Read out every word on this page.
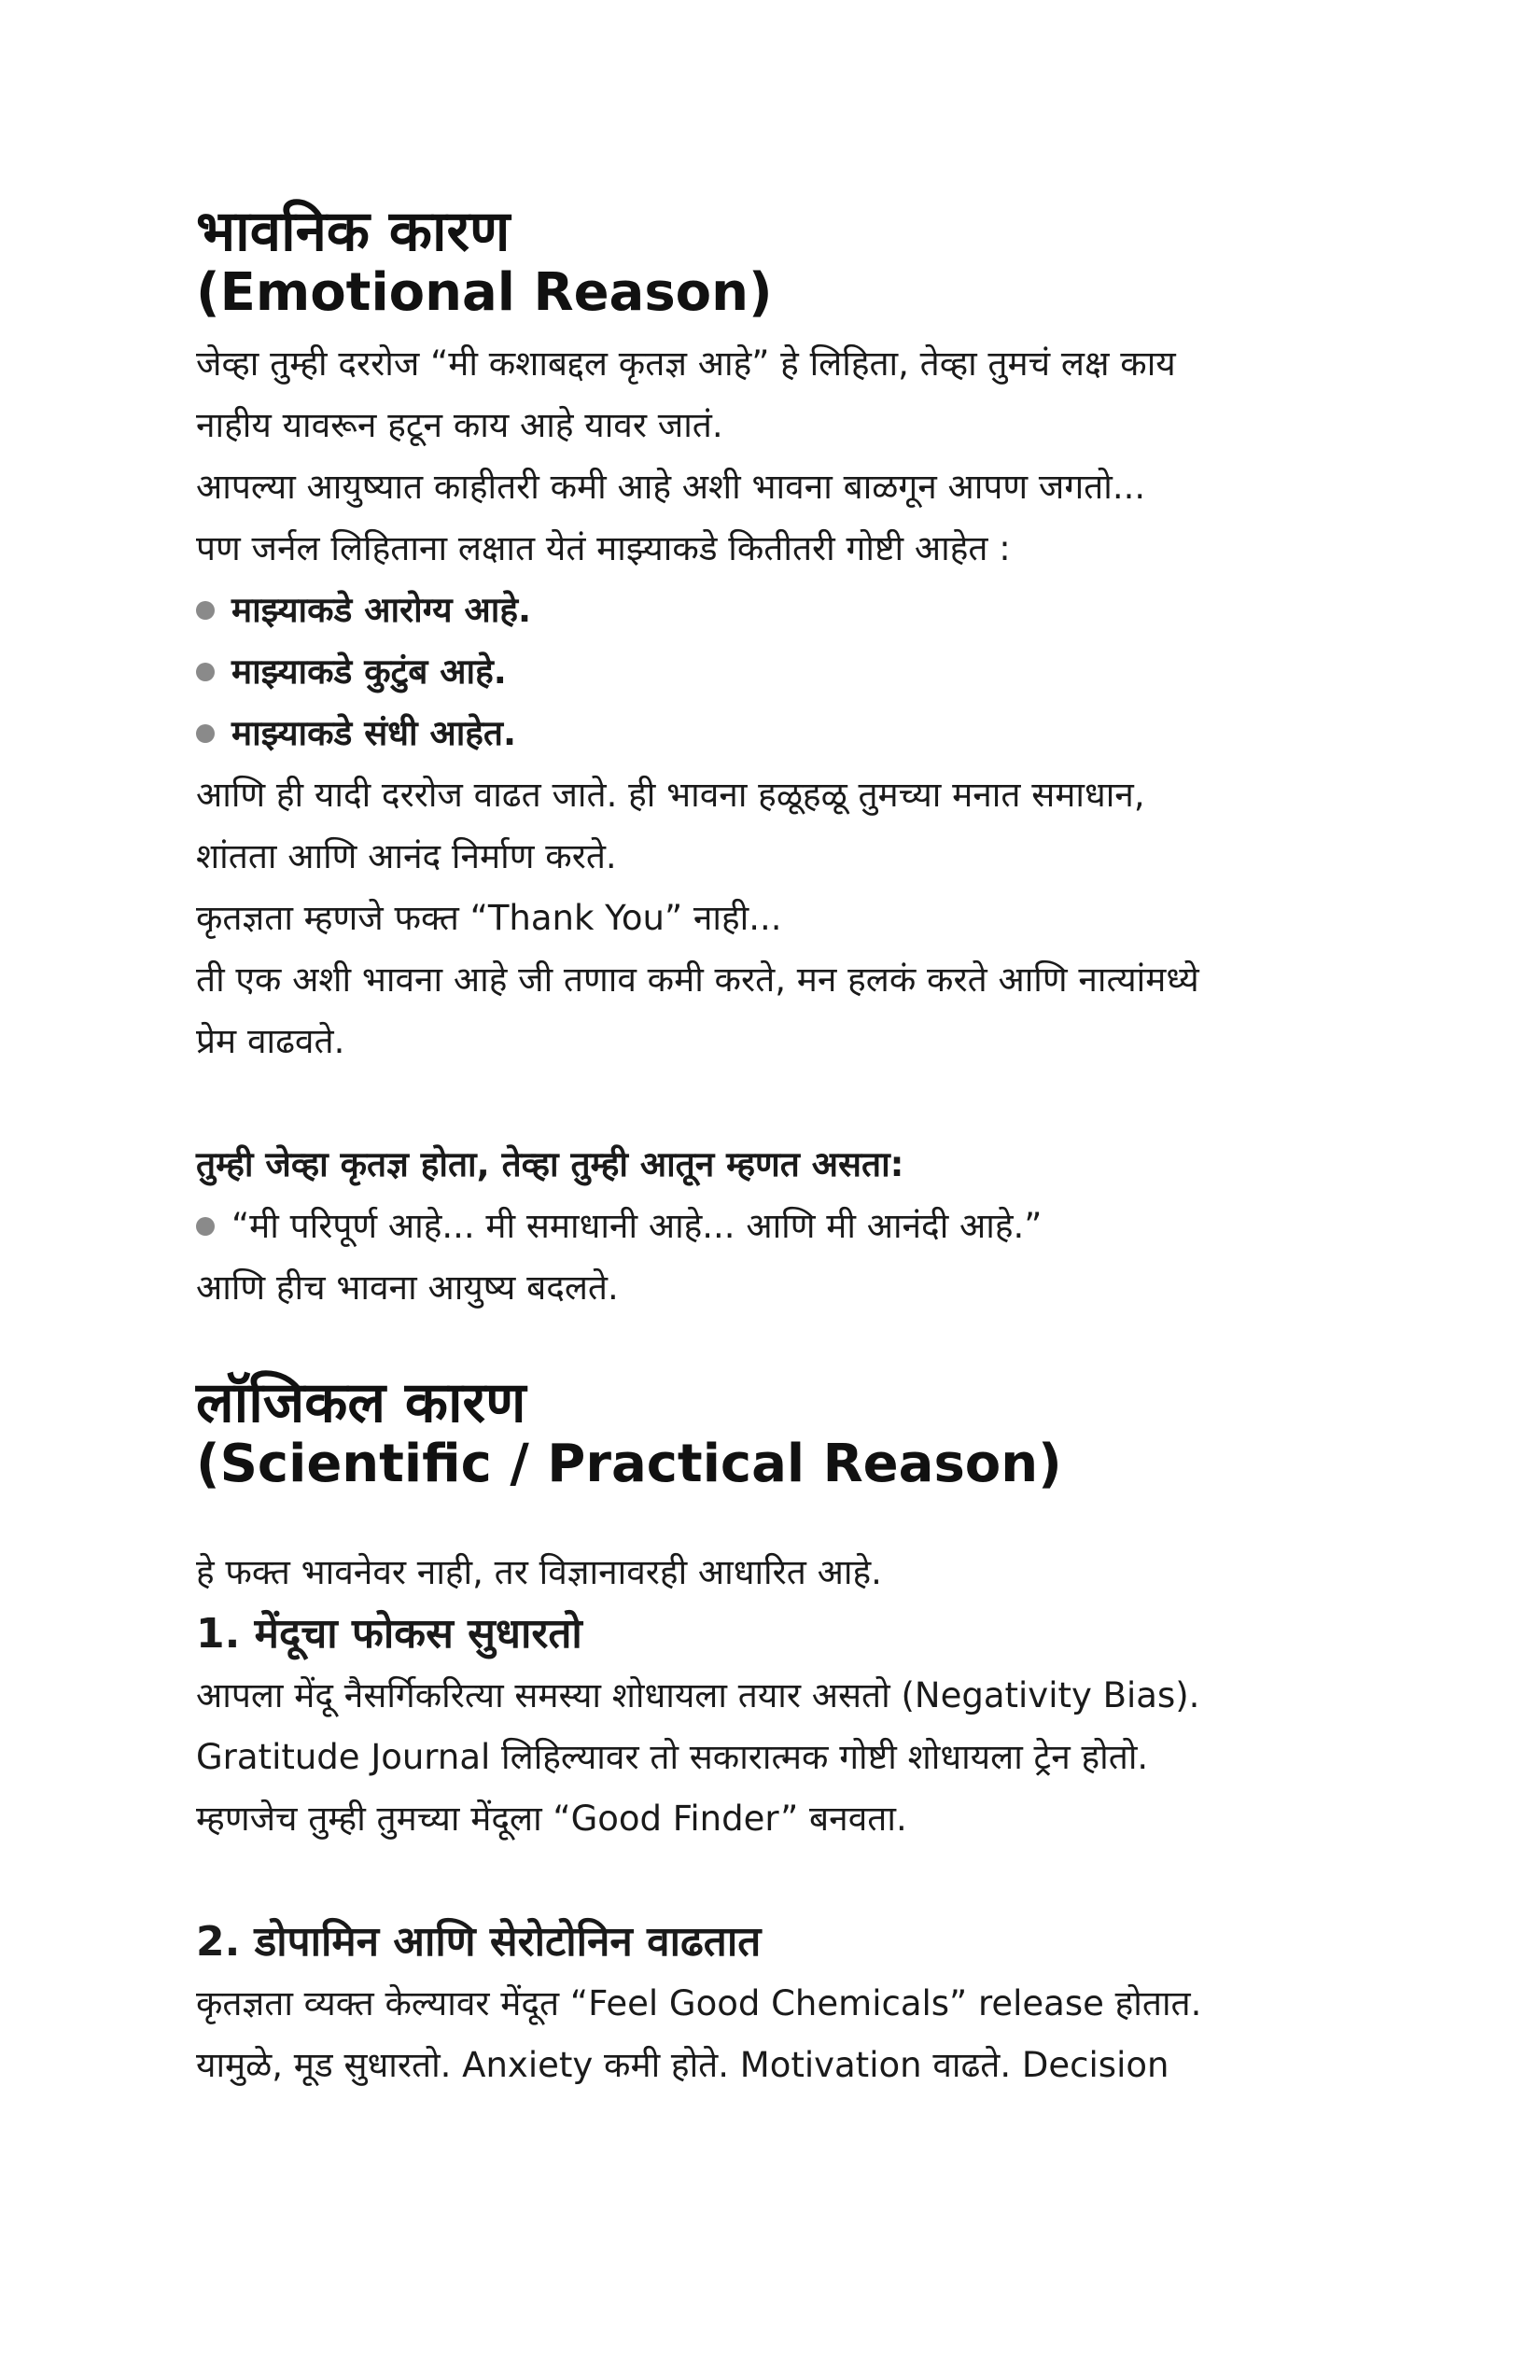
भावनिक कारण
(Emotional Reason)
जेव्हा तुम्ही दररोज “मी कशाबद्दल कृतज्ञ आहे” हे लिहिता, तेव्हा तुमचं लक्ष काय
नाहीय यावरून हटून काय आहे यावर जातं.
आपल्या आयुष्यात काहीतरी कमी आहे अशी भावना बाळगून आपण जगतो...
पण जर्नल लिहिताना लक्षात येतं माझ्याकडे कितीतरी गोष्टी आहेत :
माझ्याकडे आरोग्य आहे.
माझ्याकडे कुटुंब आहे.
माझ्याकडे संधी आहेत.
आणि ही यादी दररोज वाढत जाते. ही भावना हळूहळू तुमच्या मनात समाधान,
शांतता आणि आनंद निर्माण करते.
कृतज्ञता म्हणजे फक्त “Thank You” नाही...
ती एक अशी भावना आहे जी तणाव कमी करते, मन हलकं करते आणि नात्यांमध्ये
प्रेम वाढवते.
तुम्ही जेव्हा कृतज्ञ होता, तेव्हा तुम्ही आतून म्हणत असता:
“मी परिपूर्ण आहे... मी समाधानी आहे... आणि मी आनंदी आहे.”
आणि हीच भावना आयुष्य बदलते.
लॉजिकल कारण
(Scientific / Practical Reason)
हे फक्त भावनेवर नाही, तर विज्ञानावरही आधारित आहे.
1. मेंदूचा फोकस सुधारतो
आपला मेंदू नैसर्गिकरित्या समस्या शोधायला तयार असतो (Negativity Bias).
Gratitude Journal लिहिल्यावर तो सकारात्मक गोष्टी शोधायला ट्रेन होतो.
म्हणजेच तुम्ही तुमच्या मेंदूला “Good Finder” बनवता.
2. डोपामिन आणि सेरोटोनिन वाढतात
कृतज्ञता व्यक्त केल्यावर मेंदूत “Feel Good Chemicals” release होतात.
यामुळे, मूड सुधारतो. Anxiety कमी होते. Motivation वाढते. Decision
